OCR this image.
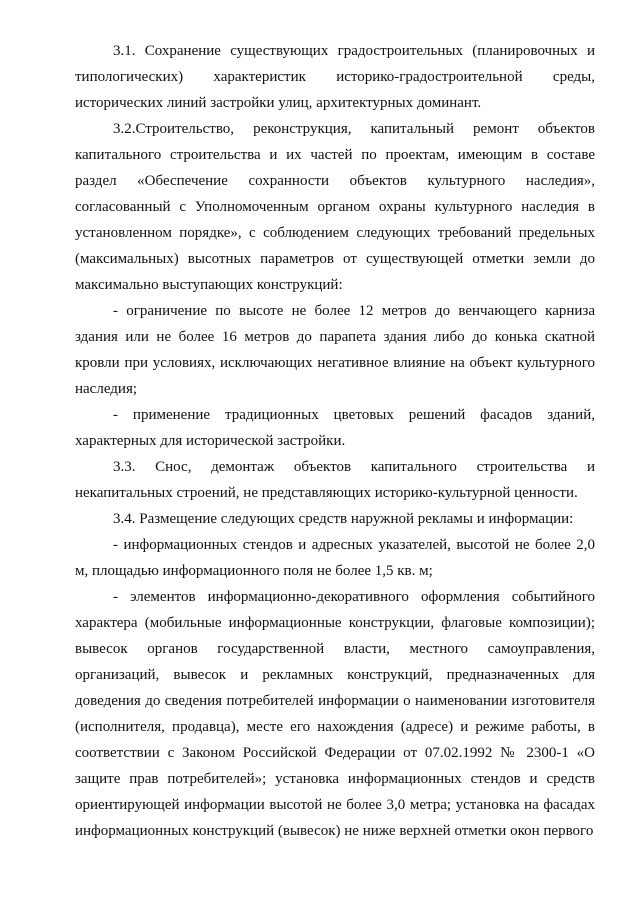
3.1. Сохранение существующих градостроительных (планировочных и типологических) характеристик историко-градостроительной среды, исторических линий застройки улиц, архитектурных доминант.

3.2.Строительство, реконструкция, капитальный ремонт объектов капитального строительства и их частей по проектам, имеющим в составе раздел «Обеспечение сохранности объектов культурного наследия», согласованный с Уполномоченным органом охраны культурного наследия в установленном порядке», с соблюдением следующих требований предельных (максимальных) высотных параметров от существующей отметки земли до максимально выступающих конструкций:

- ограничение по высоте не более 12 метров до венчающего карниза здания или не более 16 метров до парапета здания либо до конька скатной кровли при условиях, исключающих негативное влияние на объект культурного наследия;

- применение традиционных цветовых решений фасадов зданий, характерных для исторической застройки.

3.3. Снос, демонтаж объектов капитального строительства и некапитальных строений, не представляющих историко-культурной ценности.

3.4. Размещение следующих средств наружной рекламы и информации:

- информационных стендов и адресных указателей, высотой не более 2,0 м, площадью информационного поля не более 1,5 кв. м;

- элементов информационно-декоративного оформления событийного характера (мобильные информационные конструкции, флаговые композиции); вывесок органов государственной власти, местного самоуправления, организаций, вывесок и рекламных конструкций, предназначенных для доведения до сведения потребителей информации о наименовании изготовителя (исполнителя, продавца), месте его нахождения (адресе) и режиме работы, в соответствии с Законом Российской Федерации от 07.02.1992 № 2300-1 «О защите прав потребителей»; установка информационных стендов и средств ориентирующей информации высотой не более 3,0 метра; установка на фасадах информационных конструкций (вывесок) не ниже верхней отметки окон первого
